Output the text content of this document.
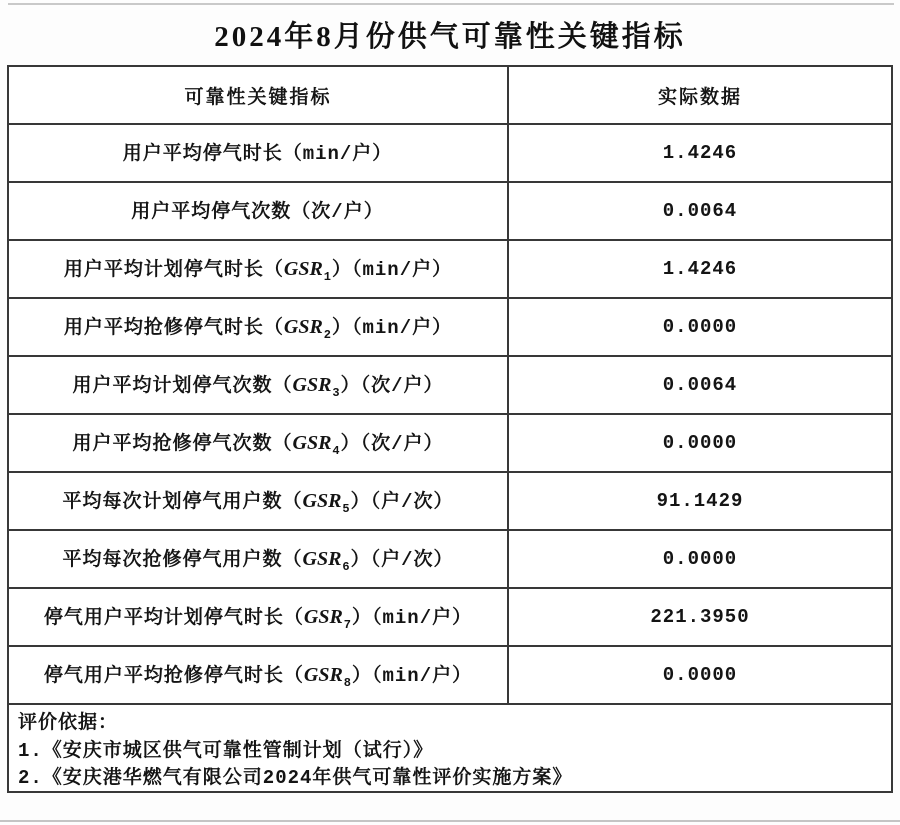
2024年8月份供气可靠性关键指标
可靠性关键指标	实际数据
用户平均停气时长（min/户）	1.4246
用户平均停气次数（次/户）	0.0064
用户平均计划停气时长$(GSR_1)(\min/$户）	1.4246
用户平均抢修停气时长$(GSR_2)(\min/$户）	0.0000
用户平均计划停气次数$(GSR_3)$（次/户）	0.0064
用户平均抢修停气次数$(GSR_4)$（次/户）	0.0000
平均每次计划停气用户数$(GSR_5)$（户/次）	91.1429
平均每次抢修停气用户数$(GSR_6)$（户/次）	0.0000
停气用户平均计划停气时长$(GSR_7)(\min/$户）	221.3950
停气用户平均抢修停气时长$(GSR_8)(\min/$户）	0.0000
评价依据：
1.《安庆市城区供气可靠性管制计划（试行）》
2.《安庆港华燃气有限公司2024年供气可靠性评价实施方案》
